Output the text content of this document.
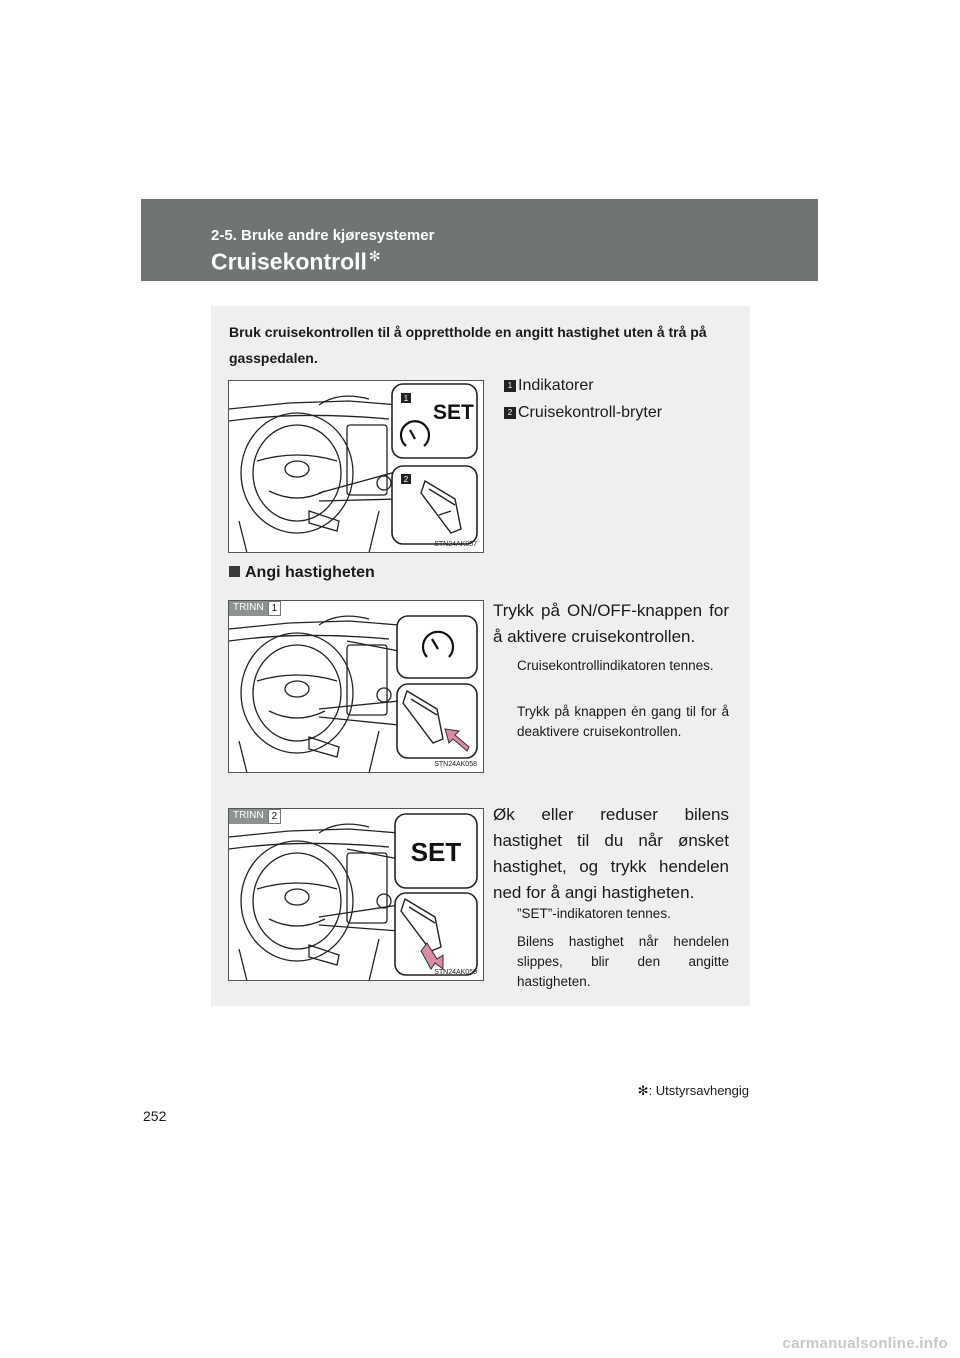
2-5. Bruke andre kjøresystemer
Cruisekontroll ✻
Bruk cruisekontrollen til å opprettholde en angitt hastighet uten å trå på gasspedalen.
1
SET
2
STN24AK057
1 Indikatorer
2 Cruisekontroll-bryter
Angi hastigheten
TRINN 1
STN24AK058
Trykk på ON/OFF-knappen for å aktivere cruisekontrollen.
Cruisekontrollindikatoren tennes.
Trykk på knappen én gang til for å deaktivere cruisekontrollen.
SET
TRINN 2
STN24AK059
Øk eller reduser bilens hastighet til du når ønsket hastighet, og trykk hendelen ned for å angi hastigheten.
”SET”-indikatoren tennes.
Bilens hastighet når hendelen slippes, blir den angitte hastigheten.
✻: Utstyrsavhengig
252
carmanualsonline.info
